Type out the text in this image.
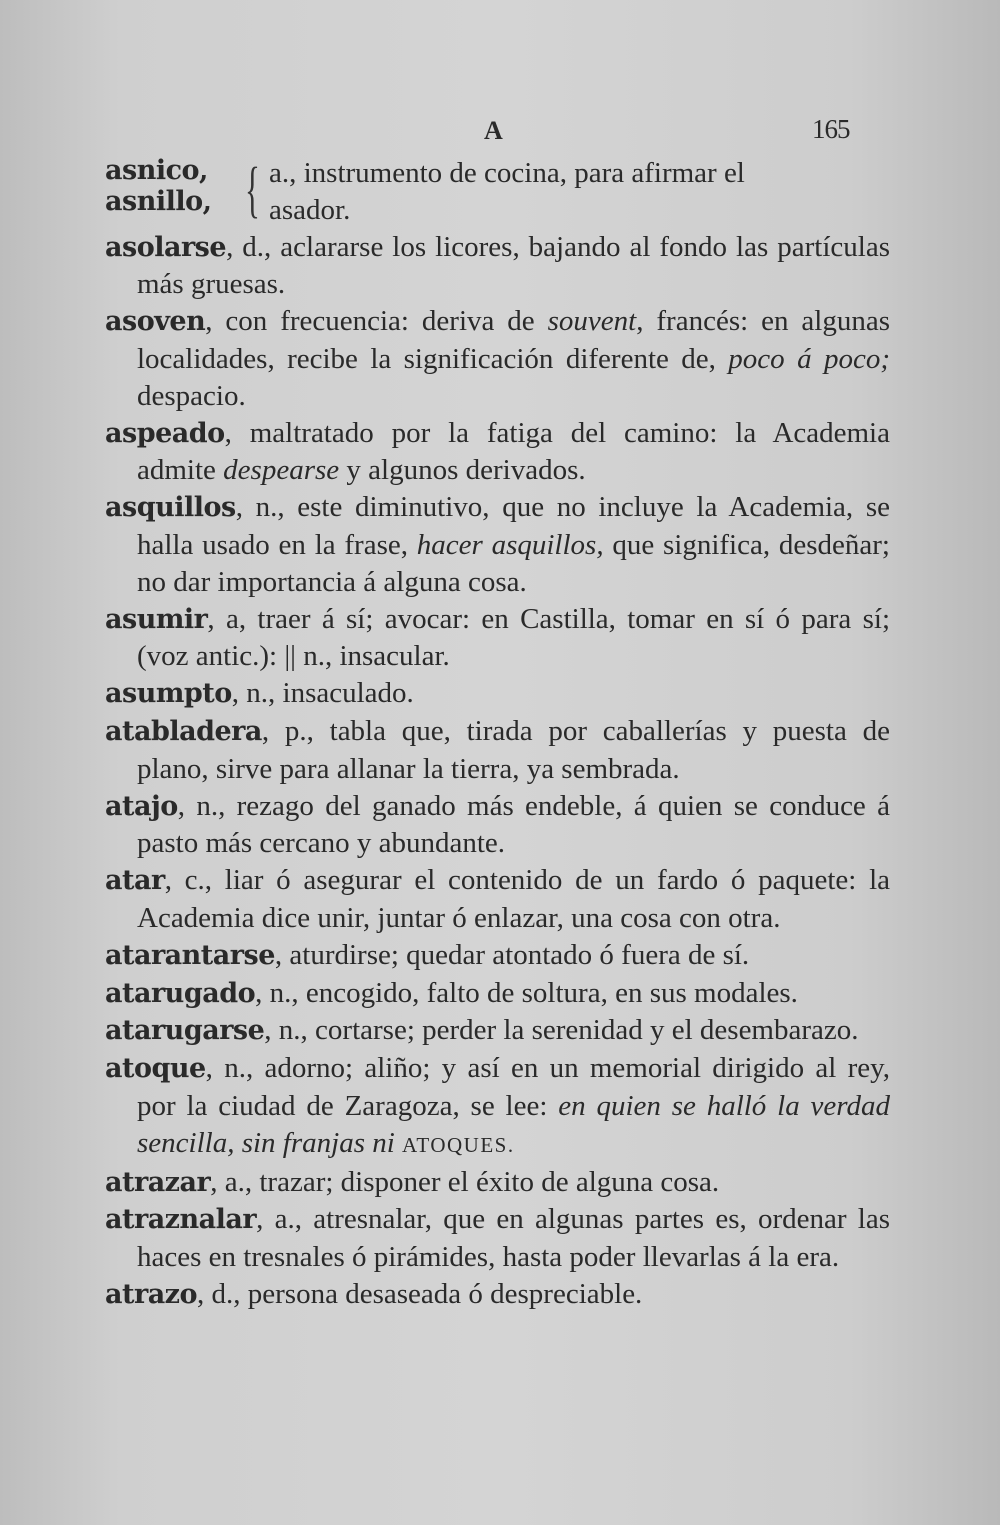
A	165
asnico,
asnillo, { a., instrumento de cocina, para afirmar el
asador.
asolarse, d., aclararse los licores, bajando al fondo las partículas más gruesas.
asoven, con frecuencia: deriva de souvent, francés: en algunas localidades, recibe la significación diferente de, poco á poco; despacio.
aspeado, maltratado por la fatiga del camino: la Academia admite despearse y algunos derivados.
asquillos, n., este diminutivo, que no incluye la Academia, se halla usado en la frase, hacer asquillos, que significa, desdeñar; no dar importancia á alguna cosa.
asumir, a, traer á sí; avocar: en Castilla, tomar en sí ó para sí; (voz antic.): || n., insacular.
asumpto, n., insaculado.
atabladera, p., tabla que, tirada por caballerías y puesta de plano, sirve para allanar la tierra, ya sembrada.
atajo, n., rezago del ganado más endeble, á quien se conduce á pasto más cercano y abundante.
atar, c., liar ó asegurar el contenido de un fardo ó paquete: la Academia dice unir, juntar ó enlazar, una cosa con otra.
atarantarse, aturdirse; quedar atontado ó fuera de sí.
atarugado, n., encogido, falto de soltura, en sus modales.
atarugarse, n., cortarse; perder la serenidad y el desembarazo.
atoque, n., adorno; aliño; y así en un memorial dirigido al rey, por la ciudad de Zaragoza, se lee: en quien se halló la verdad sencilla, sin franjas ni ATOQUES.
atrazar, a., trazar; disponer el éxito de alguna cosa.
atraznalar, a., atresnalar, que en algunas partes es, ordenar las haces en tresnales ó pirámides, hasta poder llevarlas á la era.
atrazo, d., persona desaseada ó despreciable.
